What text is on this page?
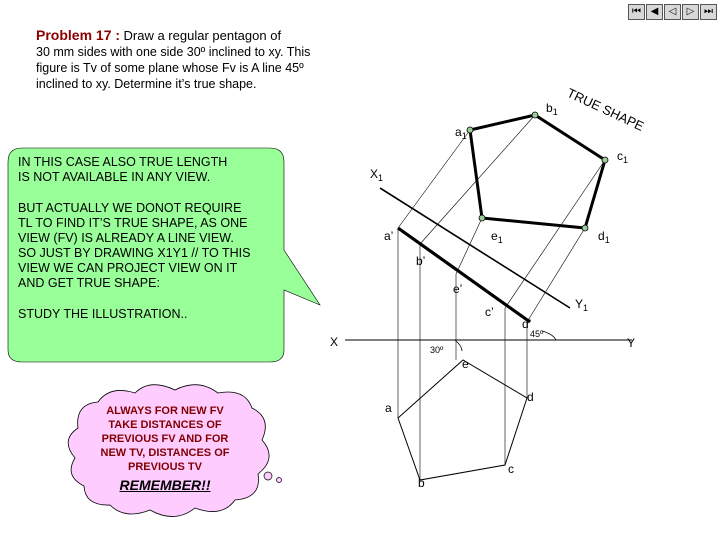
⏮ ◀	◁	▷ ⏭
Problem 17 : Draw a regular pentagon of
30 mm sides with one side 30º inclined to xy. This figure is Tv of some plane whose Fv is A line 45º inclined to xy. Determine it’s true shape.
TRUE SHAPE
$b_1$
$a_1$
$c_1$
$e_1$	$d_1$
$X_1$
$Y_1$
a’
b’
e’
c’
d’
45º
30º
X	Y
a
b
c
d
e
IN THIS CASE ALSO TRUE LENGTH
IS NOT AVAILABLE IN ANY VIEW.
BUT ACTUALLY WE DONOT REQUIRE
TL TO FIND IT’S TRUE SHAPE, AS ONE
VIEW (FV) IS ALREADY A LINE VIEW.
SO JUST BY DRAWING X1Y1 // TO THIS
VIEW WE CAN PROJECT VIEW ON IT
AND GET TRUE SHAPE:
STUDY THE ILLUSTRATION..
ALWAYS FOR NEW FV
TAKE DISTANCES OF
PREVIOUS FV AND FOR
NEW TV, DISTANCES OF
PREVIOUS TV
REMEMBER!!
